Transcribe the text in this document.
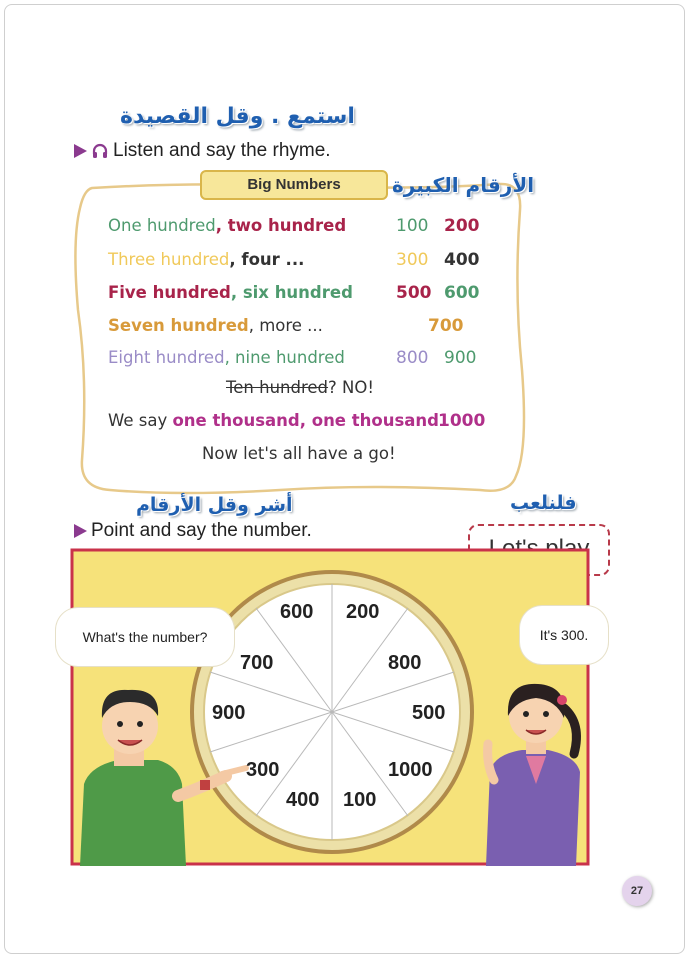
استمع . وقل القصيدة
Listen and say the rhyme.
Big Numbers	الأرقام الكبيرة
One hundred, two hundred	100 200
Three hundred, four ...	300 400
Five hundred, six hundred	500 600
Seven hundred, more ...	700
Eight hundred, nine hundred	800 900
Ten hundred? NO!
We say one thousand, one thousand 1000
Now let's all have a go!
فلنلعب
أشر وقل الأرقام
Point and say the number.
What's the number?	It's 300.
600 200
800
500
1000
100
400
300
900
700
27
